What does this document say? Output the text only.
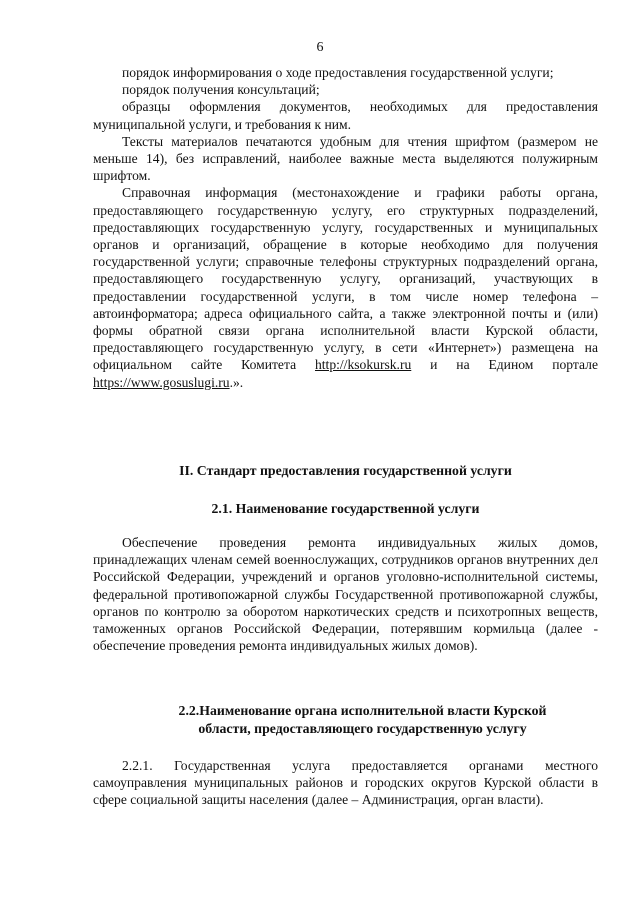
6

порядок информирования о ходе предоставления государственной услуги;

порядок получения консультаций;

образцы оформления документов, необходимых для предоставления муниципальной услуги, и требования к ним.

Тексты материалов печатаются удобным для чтения шрифтом (размером не меньше 14), без исправлений, наиболее важные места выделяются полужирным шрифтом.

Справочная информация (местонахождение и графики работы органа, предоставляющего государственную услугу, его структурных подразделений, предоставляющих государственную услугу, государственных и муниципальных органов и организаций, обращение в которые необходимо для получения государственной услуги; справочные телефоны структурных подразделений органа, предоставляющего государственную услугу, организаций, участвующих в предоставлении государственной услуги, в том числе номер телефона – автоинформатора; адреса официального сайта, а также электронной почты и (или) формы обратной связи органа исполнительной власти Курской области, предоставляющего государственную услугу, в сети «Интернет») размещена на официальном сайте Комитета http://ksokursk.ru и на Едином портале https://www.gosuslugi.ru.».

II. Стандарт предоставления государственной услуги
2.1. Наименование государственной услуги

Обеспечение проведения ремонта индивидуальных жилых домов, принадлежащих членам семей военнослужащих, сотрудников органов внутренних дел Российской Федерации, учреждений и органов уголовно-исполнительной системы, федеральной противопожарной службы Государственной противопожарной службы, органов по контролю за оборотом наркотических средств и психотропных веществ, таможенных органов Российской Федерации, потерявшим кормильца (далее - обеспечение проведения ремонта индивидуальных жилых домов).

2.2.Наименование органа исполнительной власти Курской
области, предоставляющего государственную услугу

2.2.1. Государственная услуга предоставляется органами местного самоуправления муниципальных районов и городских округов Курской области в сфере социальной защиты населения (далее – Администрация, орган власти).
